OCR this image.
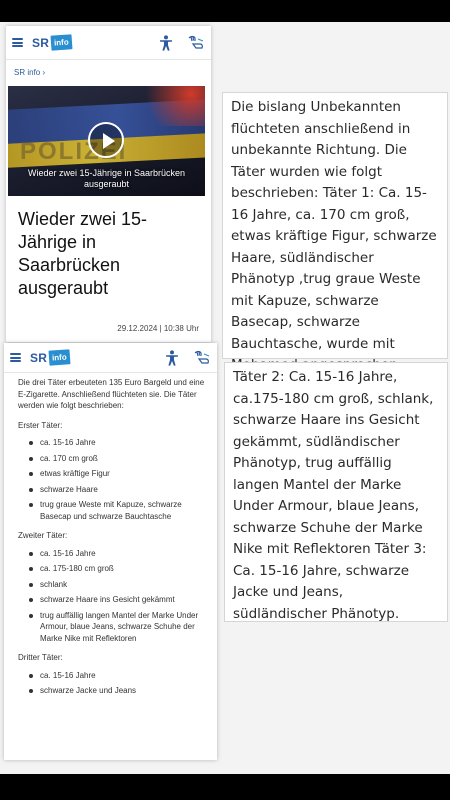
SR info
SR info ›
POLIZEI
Wieder zwei 15-Jährige in Saarbrücken ausgeraubt
Wieder zwei 15-Jährige in Saarbrücken ausgeraubt
29.12.2024 | 10:38 Uhr
SR info

Die drei Täter erbeuteten 135 Euro Bargeld und eine E-Zigarette. Anschließend flüchteten sie. Die Täter werden wie folgt beschrieben:

Erster Täter:

ca. 15-16 Jahre
ca. 170 cm groß
etwas kräftige Figur
schwarze Haare
trug graue Weste mit Kapuze, schwarze Basecap und schwarze Bauchtasche

Zweiter Täter:

ca. 15-16 Jahre
ca. 175-180 cm groß
schlank
schwarze Haare ins Gesicht gekämmt
trug auffällig langen Mantel der Marke Under Armour, blaue Jeans, schwarze Schuhe der Marke Nike mit Reflektoren

Dritter Täter:

ca. 15-16 Jahre
schwarze Jacke und Jeans
Die bislang Unbekannten flüchteten anschließend in unbekannte Richtung. Die Täter wurden wie folgt beschrieben: Täter 1: Ca. 15-16 Jahre, ca. 170 cm groß, etwas kräftige Figur, schwarze Haare, südländischer Phänotyp ,trug graue Weste mit Kapuze, schwarze Basecap, schwarze Bauchtasche, wurde mit
Täter 2: Ca. 15-16 Jahre, ca.175-180 cm groß, schlank, schwarze Haare ins Gesicht gekämmt, südländischer Phänotyp, trug auffällig langen Mantel der Marke Under Armour, blaue Jeans, schwarze Schuhe der Marke Nike mit Reflektoren Täter 3: Ca. 15-16 Jahre, schwarze Jacke und Jeans, südländischer Phänotyp.
